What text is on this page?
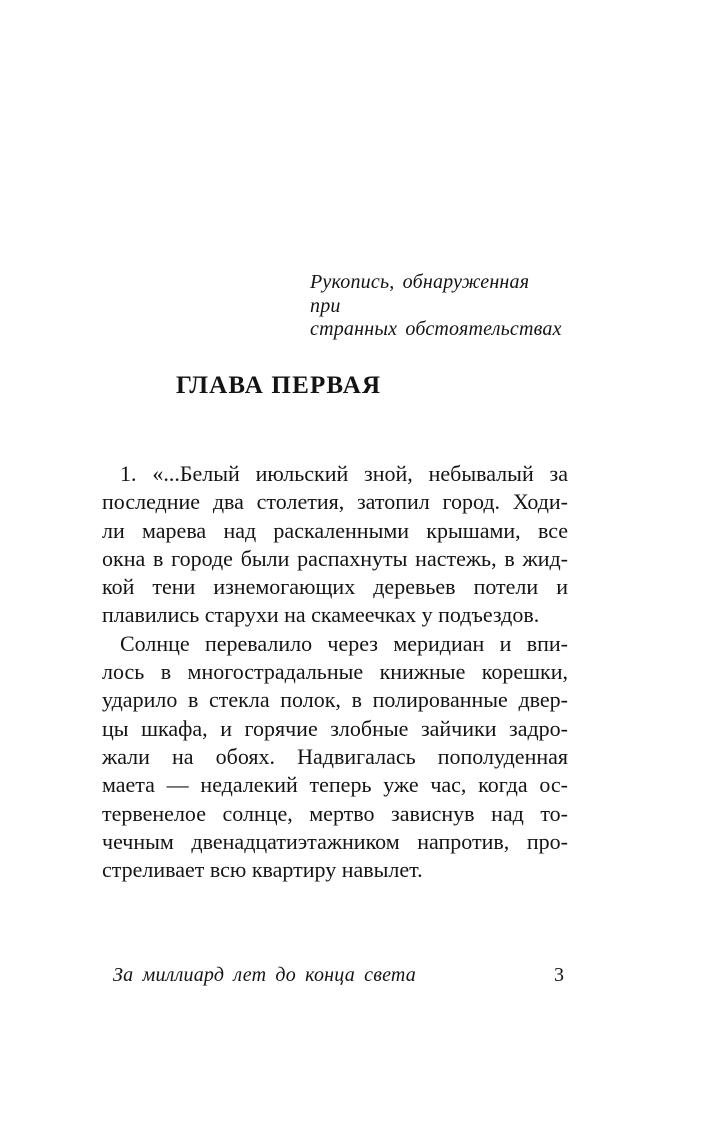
Рукопись, обнаруженная при
странных обстоятельствах
ГЛАВА ПЕРВАЯ
1. «...Белый июльский зной, небывалый за
последние два столетия, затопил город. Ходи-
ли марева над раскаленными крышами, все
окна в городе были распахнуты настежь, в жид-
кой тени изнемогающих деревьев потели и
плавились старухи на скамеечках у подъездов.
Солнце перевалило через меридиан и впи-
лось в многострадальные книжные корешки,
ударило в стекла полок, в полированные двер-
цы шкафа, и горячие злобные зайчики задро-
жали на обоях. Надвигалась пополуденная
маета — недалекий теперь уже час, когда ос-
тервенелое солнце, мертво зависнув над то-
чечным двенадцатиэтажником напротив, про-
стреливает всю квартиру навылет.
За миллиард лет до конца света	3
